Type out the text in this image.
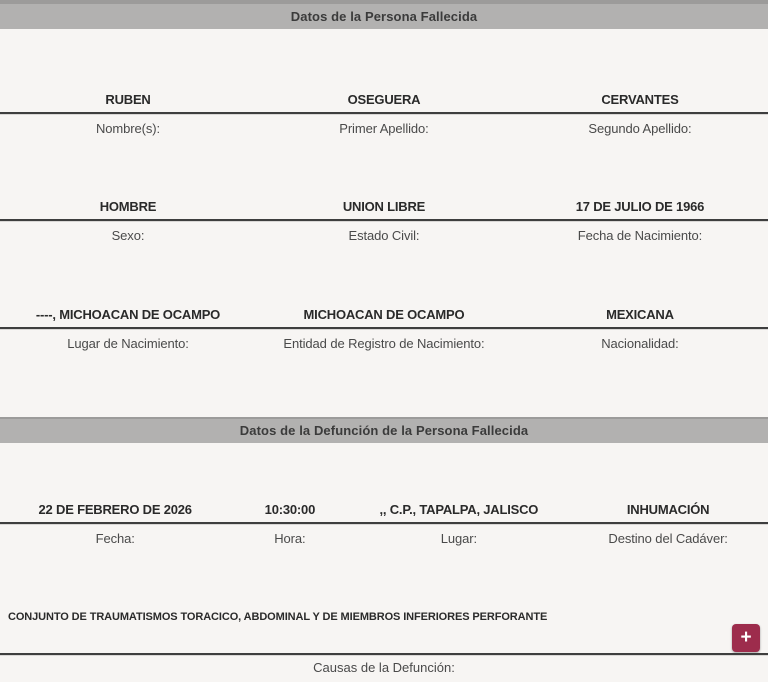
Datos de la Persona Fallecida
RUBEN	OSEGUERA	CERVANTES
Nombre(s):	Primer Apellido:	Segundo Apellido:
HOMBRE	UNION LIBRE	17 DE JULIO DE 1966
Sexo:	Estado Civil:	Fecha de Nacimiento:
----, MICHOACAN DE OCAMPO	MICHOACAN DE OCAMPO	MEXICANA
Lugar de Nacimiento:	Entidad de Registro de Nacimiento:	Nacionalidad:
Datos de la Defunción de la Persona Fallecida
22 DE FEBRERO DE 2026	10:30:00	,, C.P., TAPALPA, JALISCO	INHUMACIÓN
Fecha:	Hora:	Lugar:	Destino del Cadáver:
CONJUNTO DE TRAUMATISMOS TORACICO, ABDOMINAL Y DE MIEMBROS INFERIORES PERFORANTE
+
Causas de la Defunción:
